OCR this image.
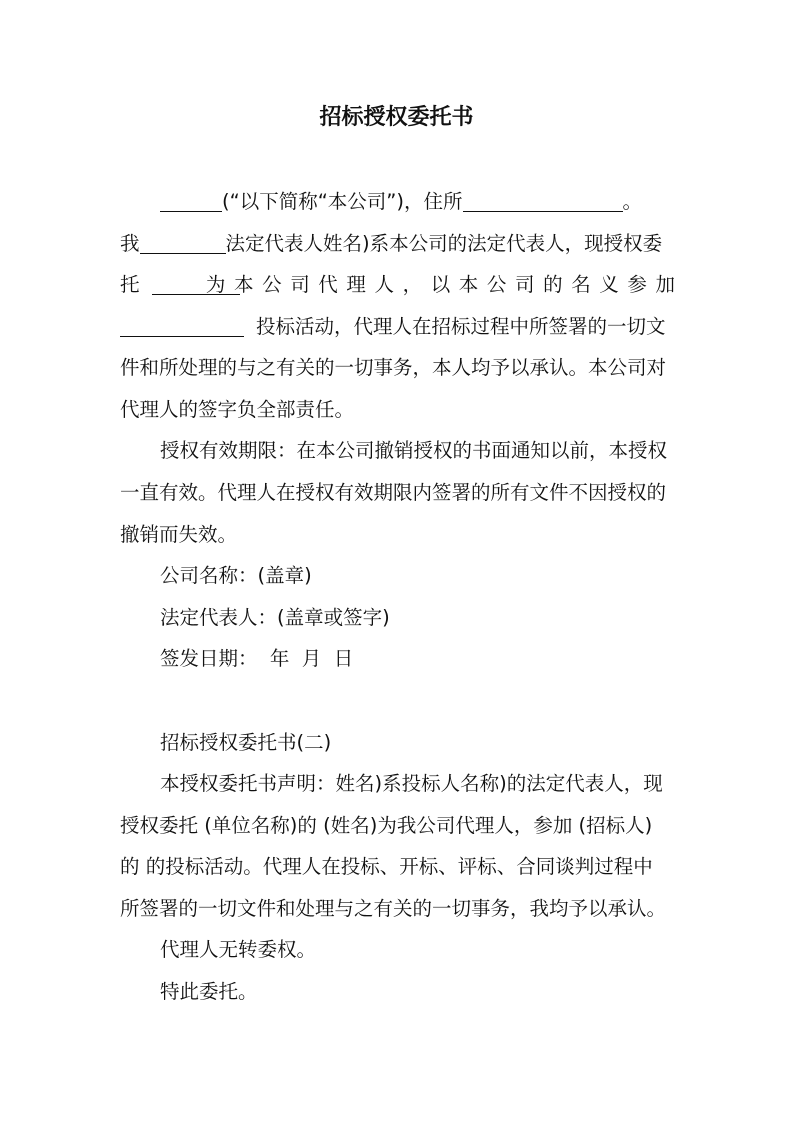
招标授权委托书
(“以下简称“本公司”)，住所	。
我	法定代表人姓名)系本公司的法定代表人，现授权委
托	为本公司代理人，以本公司的名义参加
投标活动，代理人在招标过程中所签署的一切文
件和所处理的与之有关的一切事务，本人均予以承认。本公司对
代理人的签字负全部责任。
授权有效期限：在本公司撤销授权的书面通知以前，本授权
一直有效。代理人在授权有效期限内签署的所有文件不因授权的
撤销而失效。
公司名称：(盖章)
法定代表人：(盖章或签字)
签发日期：  年  月  日
招标授权委托书(二)
本授权委托书声明：姓名)系投标人名称)的法定代表人，现
授权委托 (单位名称)的 (姓名)为我公司代理人，参加 (招标人)
的 的投标活动。代理人在投标、开标、评标、合同谈判过程中
所签署的一切文件和处理与之有关的一切事务，我均予以承认。
代理人无转委权。
特此委托。
